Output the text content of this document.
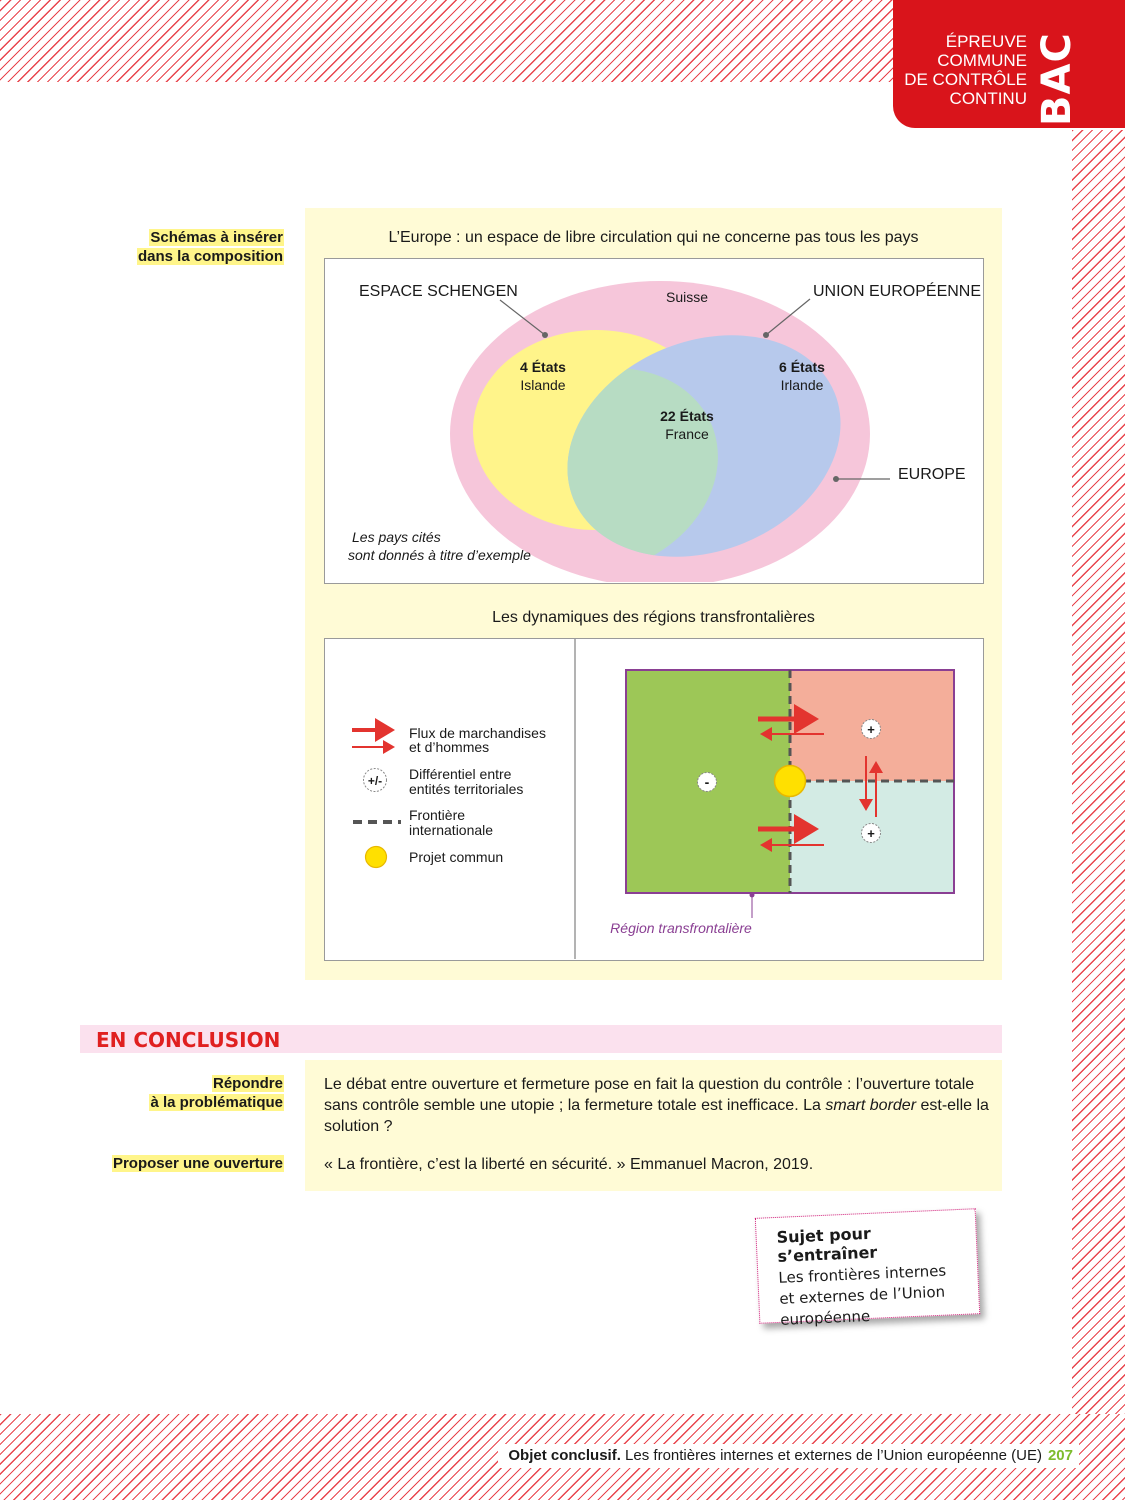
ÉPREUVE
COMMUNE
DE CONTRÔLE
CONTINU BAC
Schémas à insérer
dans la composition
L’Europe : un espace de libre circulation qui ne concerne pas tous les pays
ESPACE SCHENGEN	UNION EUROPÉENNE
EUROPE
Suisse
4 États
Islande
6 États
Irlande
22 États
France
Les pays cités
sont donnés à titre d’exemple
Les dynamiques des régions transfrontalières
Flux de marchandises
et d’hommes
+/- Différentiel entre
entités territoriales
Frontière
internationale
Projet commun
-
+
+
Région transfrontalière
EN CONCLUSION
Répondre
à la problématique
Proposer une ouverture
Le débat entre ouverture et fermeture pose en fait la question du contrôle : l’ouverture totale
sans contrôle semble une utopie ; la fermeture totale est inefficace. La smart border est-elle la
solution ?
« La frontière, c’est la liberté en sécurité. » Emmanuel Macron, 2019.
Sujet pour s’entraîner
Les frontières internes
et externes de l’Union
européenne
Objet conclusif. Les frontières internes et externes de l’Union européenne (UE) 207
